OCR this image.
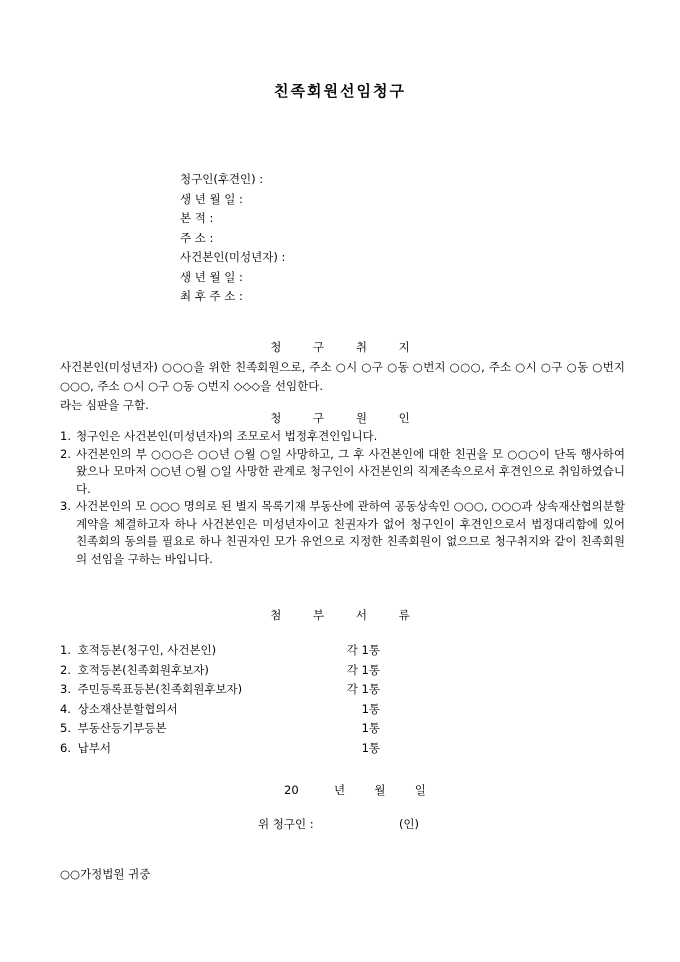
친족회원선임청구
청구인(후견인) :
생 년 월 일 :
본 적 :
주 소 :
사건본인(미성년자) :
생 년 월 일 :
최 후 주 소 :
청 구 취 지

사건본인(미성년자) ○○○을 위한 친족회원으로, 주소 ○시 ○구 ○동 ○번지 ○○○, 주소 ○시 ○구 ○동 ○번지 ○○○, 주소 ○시 ○구 ○동 ○번지 ◇◇◇을 선임한다.

라는 심판을 구함.

청 구 원 인
1. 청구인은 사건본인(미성년자)의 조모로서 법정후견인입니다.
2. 사건본인의 부 ○○○은 ○○년 ○월 ○일 사망하고, 그 후 사건본인에 대한 친권을 모 ○○○이 단독 행사하여 왔으나 모마저 ○○년 ○월 ○일 사망한 관계로 청구인이 사건본인의 직계존속으로서 후견인으로 취임하였습니다.
3. 사건본인의 모 ○○○ 명의로 된 별지 목록기재 부동산에 관하여 공동상속인 ○○○, ○○○과 상속재산협의분할계약을 체결하고자 하나 사건본인은 미성년자이고 친권자가 없어 청구인이 후견인으로서 법정대리함에 있어 친족회의 동의를 필요로 하나 친권자인 모가 유언으로 지정한 친족회원이 없으므로 청구취지와 같이 친족회원의 선임을 구하는 바입니다.
첨 부 서 류
1. 호적등본(청구인, 사건본인)	각 1통
2. 호적등본(친족회원후보자)	각 1통
3. 주민등록표등본(친족회원후보자)	각 1통
4. 상소재산분할협의서	1통
5. 부동산등기부등본	1통
6. 납부서	1통
20	년	월	일
위 청구인 :	(인)
○○가정법원 귀중
